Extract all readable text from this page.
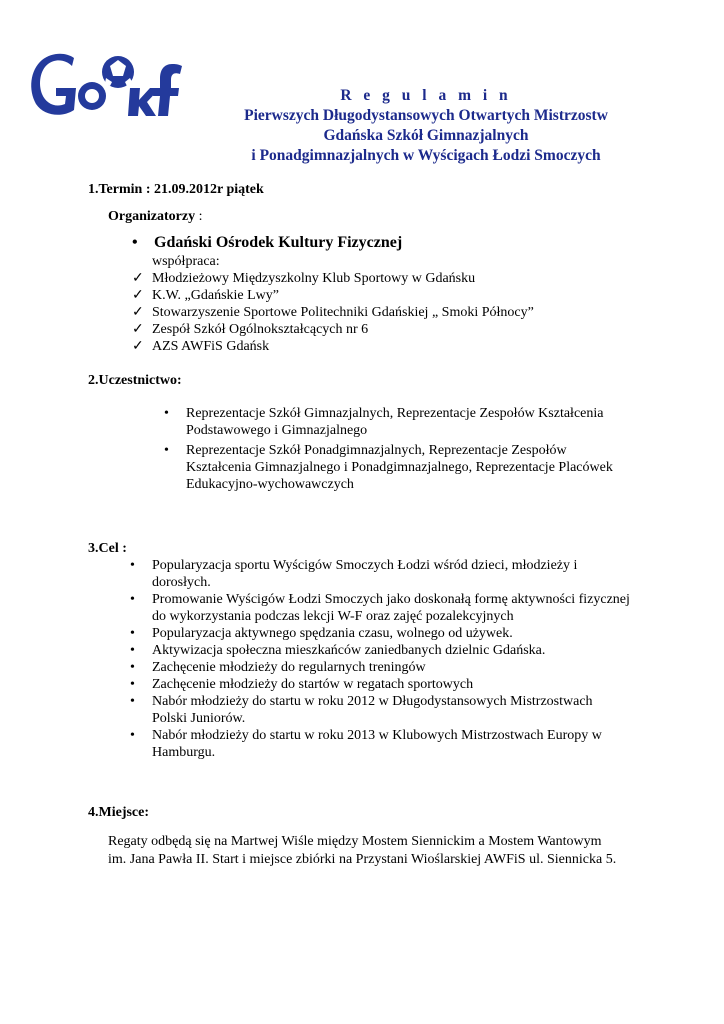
R e g u l a m i n
Pierwszych Długodystansowych Otwartych Mistrzostw
Gdańska Szkół Gimnazjalnych
i Ponadgimnazjalnych w Wyścigach Łodzi Smoczych
1.Termin : 21.09.2012r piątek
Organizatorzy :
• Gdański Ośrodek Kultury Fizycznej
współpraca:
✓ Młodzieżowy Międzyszkolny Klub Sportowy w Gdańsku
✓ K.W. „Gdańskie Lwy”
✓ Stowarzyszenie Sportowe Politechniki Gdańskiej „ Smoki Północy”
✓ Zespół Szkół Ogólnokształcących nr 6
✓ AZS AWFiS Gdańsk
2.Uczestnictwo:
• Reprezentacje Szkół Gimnazjalnych, Reprezentacje Zespołów Kształcenia Podstawowego i Gimnazjalnego
• Reprezentacje Szkół Ponadgimnazjalnych, Reprezentacje Zespołów Kształcenia Gimnazjalnego i Ponadgimnazjalnego, Reprezentacje Placówek Edukacyjno-wychowawczych
3.Cel :
• Popularyzacja sportu Wyścigów Smoczych Łodzi wśród dzieci, młodzieży i dorosłych.
• Promowanie Wyścigów Łodzi Smoczych jako doskonałą formę aktywności fizycznej do wykorzystania podczas lekcji W-F oraz zajęć pozalekcyjnych
• Popularyzacja aktywnego spędzania czasu, wolnego od używek.
• Aktywizacja społeczna mieszkańców zaniedbanych dzielnic Gdańska.
• Zachęcenie młodzieży do regularnych treningów
• Zachęcenie młodzieży do startów w regatach sportowych
• Nabór młodzieży do startu w roku 2012 w Długodystansowych Mistrzostwach Polski Juniorów.
• Nabór młodzieży do startu w roku 2013 w Klubowych Mistrzostwach Europy w Hamburgu.
4.Miejsce:
Regaty odbędą się na Martwej Wiśle między Mostem Siennickim a Mostem Wantowym
im. Jana Pawła II. Start i miejsce zbiórki na Przystani Wioślarskiej AWFiS ul. Siennicka 5.
